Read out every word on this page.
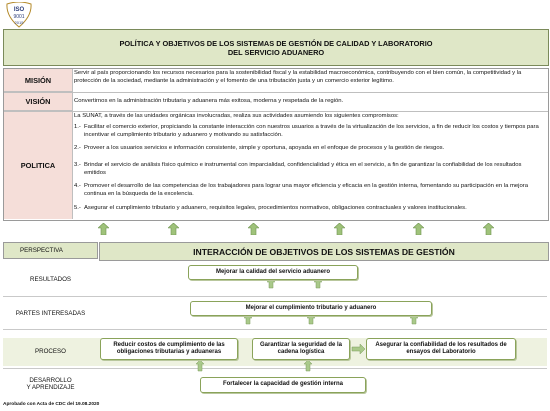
ISO
9001
2015
POLÍTICA Y OBJETIVOS DE LOS SISTEMAS DE GESTIÓN DE CALIDAD Y LABORATORIO
DEL SERVICIO ADUANERO
MISIÓN
Servir al país proporcionando los recursos necesarios para la sostenibilidad fiscal y la estabilidad macroeconómica, contribuyendo con el bien común, la competitividad y la protección de la sociedad, mediante la administración y el fomento de una tributación justa y un comercio exterior legítimo.
VISIÓN	Convertirnos en la administración tributaria y aduanera más exitosa, moderna y respetada de la región.
POLITICA
La SUNAT, a través de las unidades orgánicas involucradas, realiza sus actividades asumiendo los siguientes compromisos:
1.- Facilitar el comercio exterior, propiciando la constante interacción con nuestros usuarios a través de la virtualización de los servicios, a fin de reducir los costos y tiempos para incentivar el cumplimiento tributario y aduanero y motivando su satisfacción.
2.- Proveer a los usuarios servicios e información consistente, simple y oportuna, apoyada en el enfoque de procesos y la gestión de riesgos.
3.- Brindar el servicio de análisis físico químico e instrumental con imparcialidad, confidencialidad y ética en el servicio, a fin de garantizar la confiabilidad de los resultados emitidos
4.- Promover el desarrollo de las competencias de los trabajadores para lograr una mayor eficiencia y eficacia en la gestión interna, fomentando su participación en la mejora continua en la búsqueda de la excelencia.
5.- Asegurar el cumplimiento tributario y aduanero, requisitos legales, procedimientos normativos, obligaciones contractuales y valores institucionales.
PERSPECTIVA	INTERACCIÓN DE OBJETIVOS DE LOS SISTEMAS DE GESTIÓN
RESULTADOS
PARTES INTERESADAS
PROCESO
DESARROLLO
Y APRENDIZAJE
Mejorar la calidad del servicio aduanero
Mejorar el cumplimiento tributario y aduanero
Reducir costos de cumplimiento de las
obligaciones tributarias y aduaneras
Garantizar la seguridad de la
cadena logística
Asegurar la confiabilidad de los resultados de
ensayos del Laboratorio
Fortalecer la capacidad de gestión interna
Aprobado con Acta de CDC del 19.08.2020
